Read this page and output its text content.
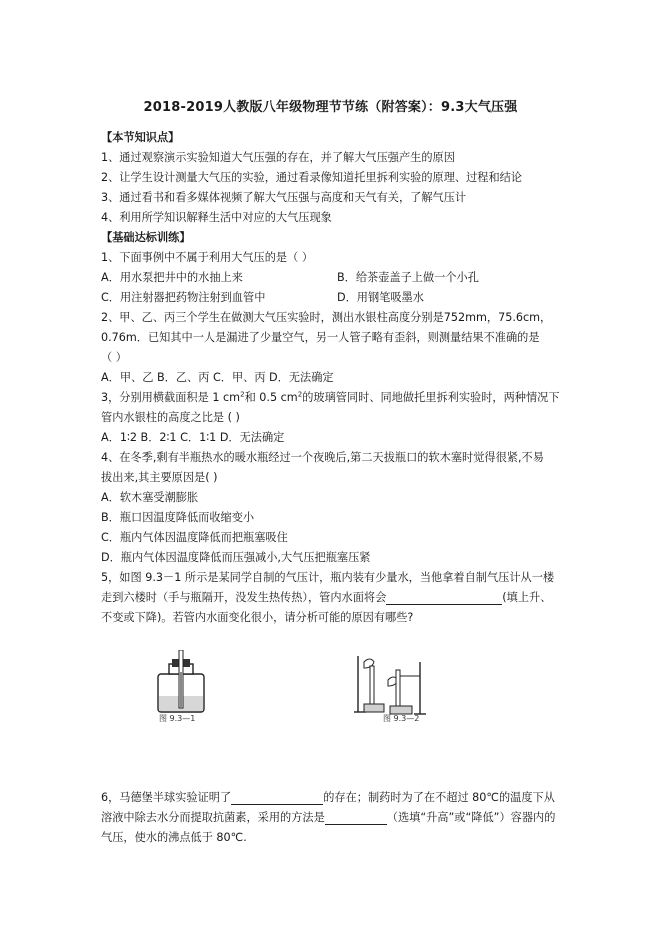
2018-2019人教版八年级物理节节练（附答案）：9.3大气压强
【本节知识点】
1、通过观察演示实验知道大气压强的存在，并了解大气压强产生的原因
2、让学生设计测量大气压的实验，通过看录像知道托里拆利实验的原理、过程和结论
3、通过看书和看多媒体视频了解大气压强与高度和天气有关，了解气压计
4、利用所学知识解释生活中对应的大气压现象
【基础达标训练】
1、下面事例中不属于利用大气压的是（ ）
A．用水泵把井中的水抽上来	B．给茶壶盖子上做一个小孔
C．用注射器把药物注射到血管中	D．用钢笔吸墨水
2、甲、乙、丙三个学生在做测大气压实验时，测出水银柱高度分别是752mm，75.6cm，
0.76m．已知其中一人是漏进了少量空气，另一人管子略有歪斜，则测量结果不准确的是
（ ）
A．甲、乙 B．乙、丙 C．甲、丙 D．无法确定
3，分别用横截面积是 1 $cm^2$和 0.5 $cm^2$的玻璃管同时、同地做托里拆利实验时，两种情况下
管内水银柱的高度之比是 ( )
A．1∶2 B．2∶1 C．1∶1 D．无法确定
4、在冬季,剩有半瓶热水的暖水瓶经过一个夜晚后,第二天拔瓶口的软木塞时觉得很紧,不易
拔出来,其主要原因是( )
A．软木塞受潮膨胀
B．瓶口因温度降低而收缩变小
C．瓶内气体因温度降低而把瓶塞吸住
D．瓶内气体因温度降低而压强减小,大气压把瓶塞压紧
5，如图 9.3－1 所示是某同学自制的气压计，瓶内装有少量水，当他拿着自制气压计从一楼
走到六楼时（手与瓶隔开，没发生热传热），管内水面将会	(填上升、
不变或下降)。若管内水面变化很小，请分析可能的原因有哪些?
图 9.3—1	图 9.3—2
6，马德堡半球实验证明了	的存在；制药时为了在不超过 80℃的温度下从
溶液中除去水分而提取抗菌素，采用的方法是	（选填“升高”或“降低”）容器内的
气压，使水的沸点低于 80℃.
